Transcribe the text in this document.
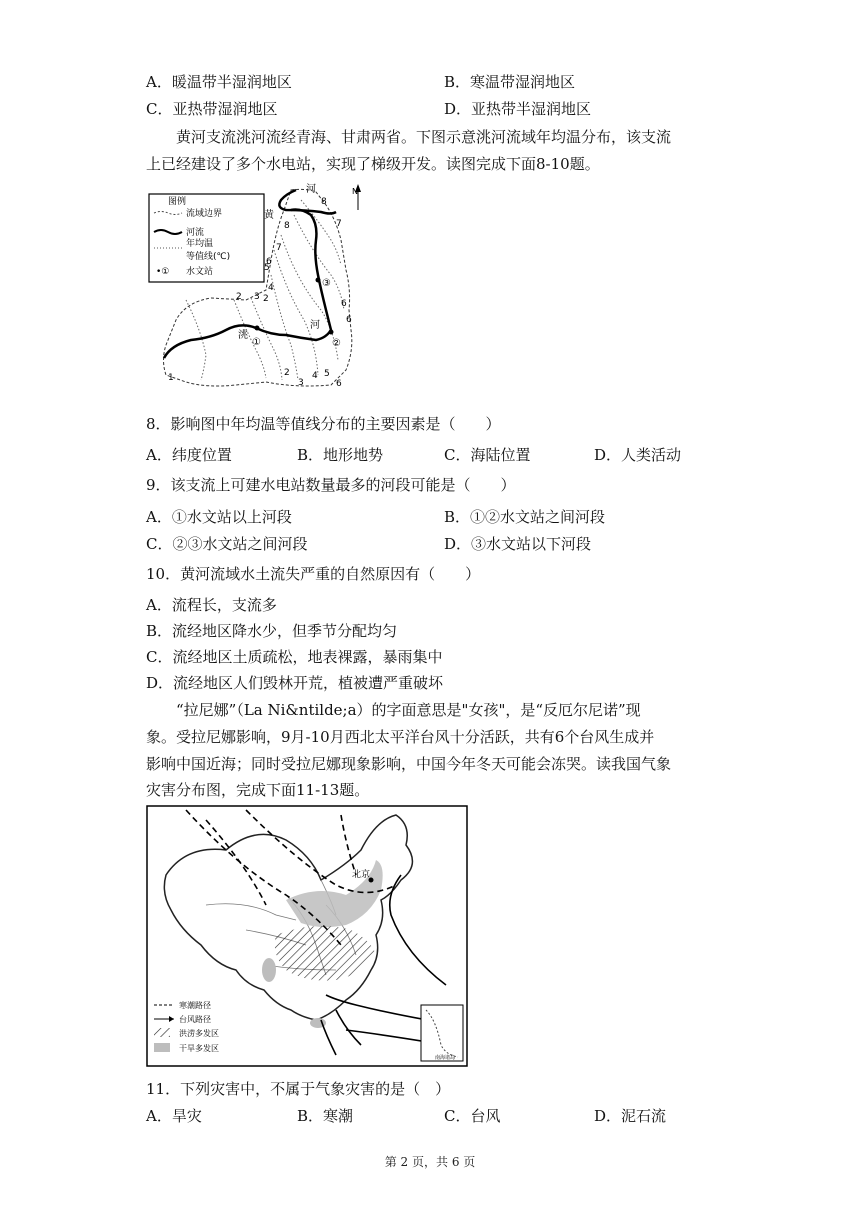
A．暖温带半湿润地区	B．寒温带湿润地区
C．亚热带湿润地区	D．亚热带半湿润地区
黄河支流洮河流经青海、甘肃两省。下图示意洮河流域年均温分布，该支流
上已经建设了多个水电站，实现了梯级开发。读图完成下面8-10题。
图例
流域边界
河流
年均温
等值线(℃)
•① 水文站
N
①	②
③
河
黄
洮
河
1
2 3 2
2
3
4 5
6
5
4
6
7
8
8
7
6
6
8．影响图中年均温等值线分布的主要因素是（　　）
A．纬度位置	B．地形地势	C．海陆位置	D．人类活动
9．该支流上可建水电站数量最多的河段可能是（　　）
A．①水文站以上河段	B．①②水文站之间河段
C．②③水文站之间河段	D．③水文站以下河段
10．黄河流域水土流失严重的自然原因有（　　）
A．流程长，支流多
B．流经地区降水少，但季节分配均匀
C．流经地区土质疏松，地表裸露，暴雨集中
D．流经地区人们毁林开荒，植被遭严重破坏
“拉尼娜”（La Ni&ntilde;a）的字面意思是"女孩"，是“反厄尔尼诺”现
象。受拉尼娜影响，9月-10月西北太平洋台风十分活跃，共有6个台风生成并
影响中国近海；同时受拉尼娜现象影响，中国今年冬天可能会冻哭。读我国气象
灾害分布图，完成下面11-13题。
北京
寒潮路径
台风路径
洪涝多发区
干旱多发区
南海诸岛
11．下列灾害中，不属于气象灾害的是（　）
A．旱灾	B．寒潮	C．台风	D．泥石流
第 2 页，共 6 页
